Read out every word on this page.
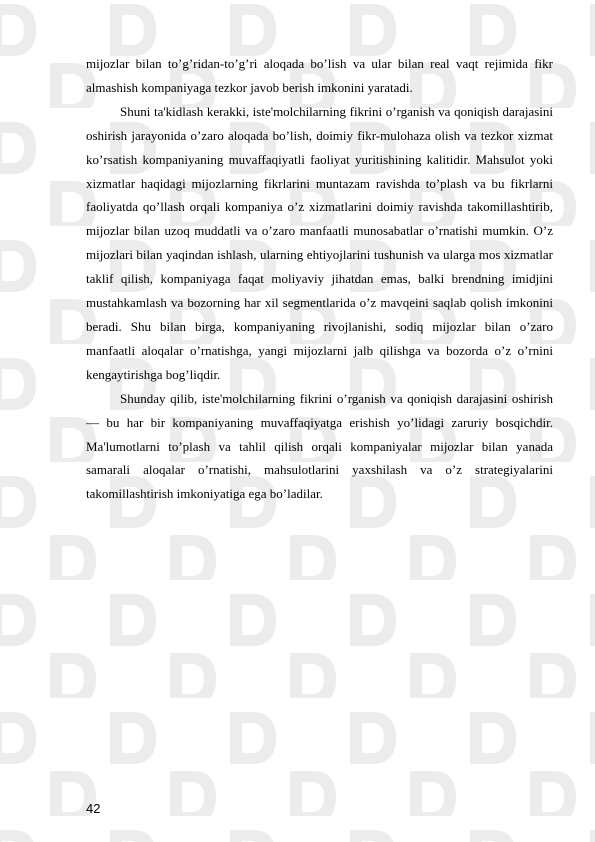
mijozlar bilan to’g’ridan-to’g’ri aloqada bo’lish va ular bilan real vaqt rejimida fikr almashish kompaniyaga tezkor javob berish imkonini yaratadi.

Shuni ta'kidlash kerakki, iste'molchilarning fikrini o’rganish va qoniqish darajasini oshirish jarayonida o’zaro aloqada bo’lish, doimiy fikr-mulohaza olish va tezkor xizmat ko’rsatish kompaniyaning muvaffaqiyatli faoliyat yuritishining kalitidir. Mahsulot yoki xizmatlar haqidagi mijozlarning fikrlarini muntazam ravishda to’plash va bu fikrlarni faoliyatda qo’llash orqali kompaniya o’z xizmatlarini doimiy ravishda takomillashtirib, mijozlar bilan uzoq muddatli va o’zaro manfaatli munosabatlar o’rnatishi mumkin. O’z mijozlari bilan yaqindan ishlash, ularning ehtiyojlarini tushunish va ularga mos xizmatlar taklif qilish, kompaniyaga faqat moliyaviy jihatdan emas, balki brendning imidjini mustahkamlash va bozorning har xil segmentlarida o’z mavqeini saqlab qolish imkonini beradi. Shu bilan birga, kompaniyaning rivojlanishi, sodiq mijozlar bilan o’zaro manfaatli aloqalar o’rnatishga, yangi mijozlarni jalb qilishga va bozorda o’z o’rnini kengaytirishga bog’liqdir.

Shunday qilib, iste'molchilarning fikrini o’rganish va qoniqish darajasini oshirish — bu har bir kompaniyaning muvaffaqiyatga erishish yo’lidagi zaruriy bosqichdir. Ma'lumotlarni to’plash va tahlil qilish orqali kompaniyalar mijozlar bilan yanada samarali aloqalar o’rnatishi, mahsulotlarini yaxshilash va o’z strategiyalarini takomillashtirish imkoniyatiga ega bo’ladilar.

42
